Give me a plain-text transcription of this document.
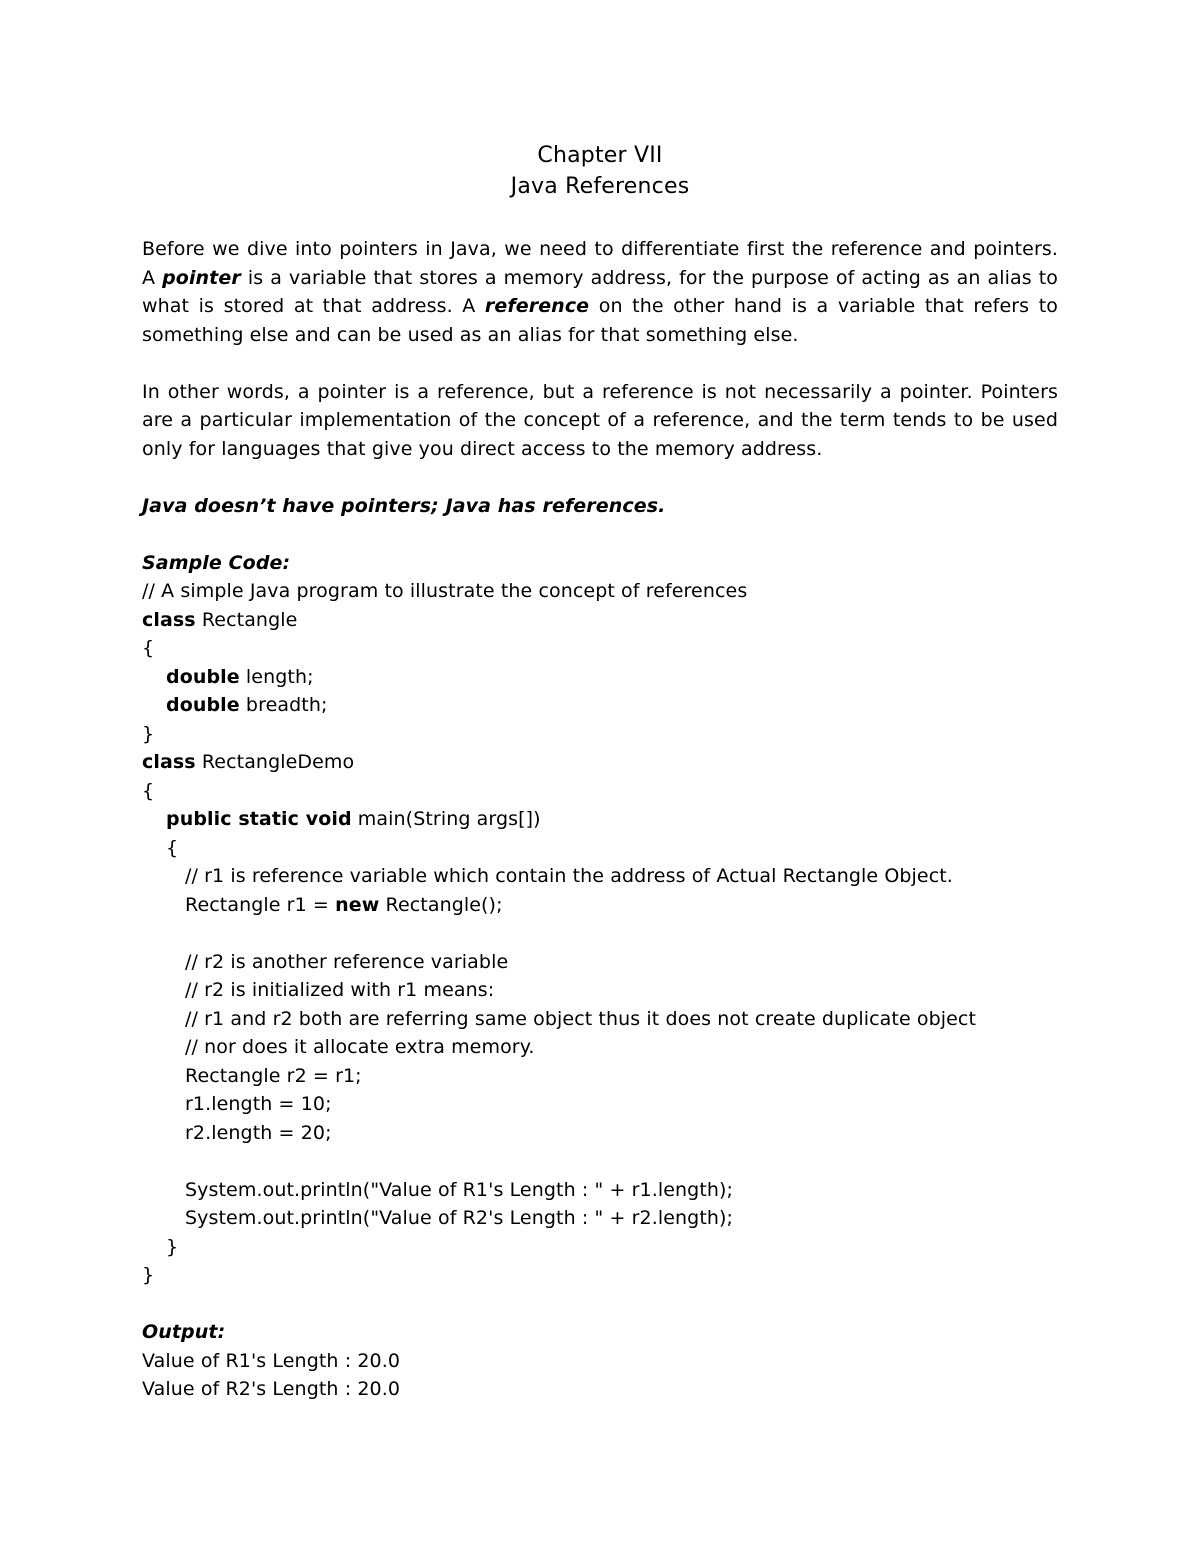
Chapter VII
Java References

Before we dive into pointers in Java, we need to differentiate first the reference and pointers. A pointer is a variable that stores a memory address, for the purpose of acting as an alias to what is stored at that address. A reference on the other hand is a variable that refers to something else and can be used as an alias for that something else.

In other words, a pointer is a reference, but a reference is not necessarily a pointer. Pointers are a particular implementation of the concept of a reference, and the term tends to be used only for languages that give you direct access to the memory address.

Java doesn’t have pointers; Java has references.

Sample Code:

// A simple Java program to illustrate the concept of references

class Rectangle

{

double length;

double breadth;

}

class RectangleDemo

{

public static void main(String args[])

{

// r1 is reference variable which contain the address of Actual Rectangle Object.

Rectangle r1 = new Rectangle();

// r2 is another reference variable

// r2 is initialized with r1 means:

// r1 and r2 both are referring same object thus it does not create duplicate object

// nor does it allocate extra memory.

Rectangle r2 = r1;

r1.length = 10;

r2.length = 20;

System.out.println("Value of R1's Length : " + r1.length);

System.out.println("Value of R2's Length : " + r2.length);

}

}

Output:

Value of R1's Length : 20.0

Value of R2's Length : 20.0
